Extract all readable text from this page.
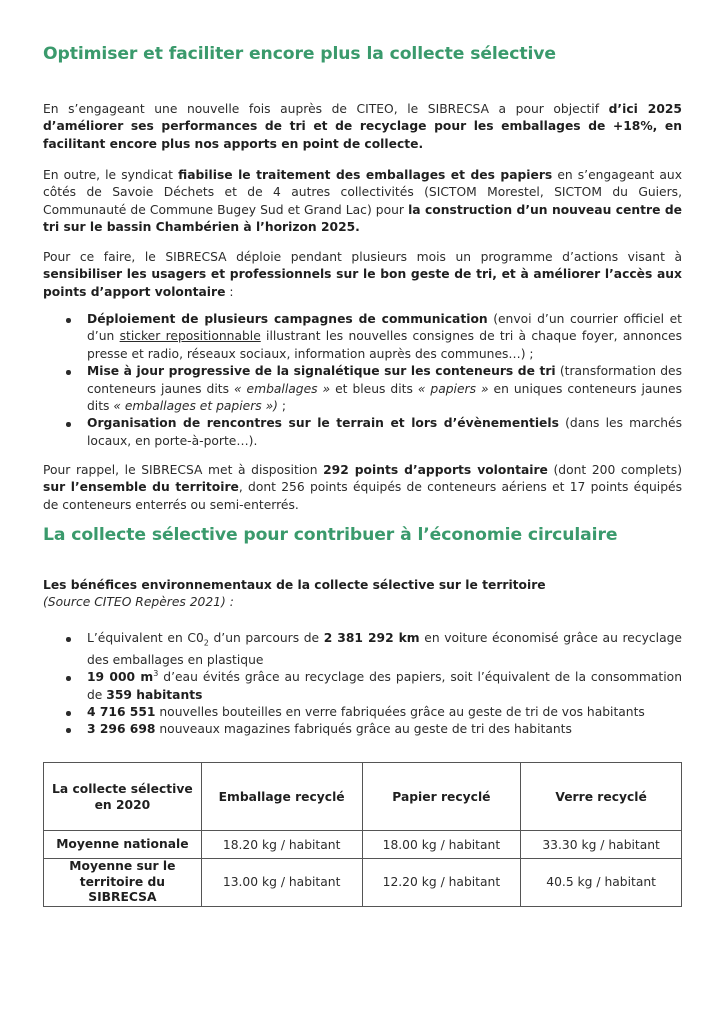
Optimiser et faciliter encore plus la collecte sélective

En s’engageant une nouvelle fois auprès de CITEO, le SIBRECSA a pour objectif d’ici 2025 d’améliorer ses performances de tri et de recyclage pour les emballages de +18%, en facilitant encore plus nos apports en point de collecte.

En outre, le syndicat fiabilise le traitement des emballages et des papiers en s’engageant aux côtés de Savoie Déchets et de 4 autres collectivités (SICTOM Morestel, SICTOM du Guiers, Communauté de Commune Bugey Sud et Grand Lac) pour la construction d’un nouveau centre de tri sur le bassin Chambérien à l’horizon 2025.

Pour ce faire, le SIBRECSA déploie pendant plusieurs mois un programme d’actions visant à sensibiliser les usagers et professionnels sur le bon geste de tri, et à améliorer l’accès aux points d’apport volontaire :

Déploiement de plusieurs campagnes de communication (envoi d’un courrier officiel et d’un sticker repositionnable illustrant les nouvelles consignes de tri à chaque foyer, annonces presse et radio, réseaux sociaux, information auprès des communes…) ;
Mise à jour progressive de la signalétique sur les conteneurs de tri (transformation des conteneurs jaunes dits « emballages » et bleus dits « papiers » en uniques conteneurs jaunes dits « emballages et papiers ») ;
Organisation de rencontres sur le terrain et lors d’évènementiels (dans les marchés locaux, en porte-à-porte…).

Pour rappel, le SIBRECSA met à disposition 292 points d’apports volontaire (dont 200 complets) sur l’ensemble du territoire, dont 256 points équipés de conteneurs aériens et 17 points équipés de conteneurs enterrés ou semi-enterrés.

La collecte sélective pour contribuer à l’économie circulaire

Les bénéfices environnementaux de la collecte sélective sur le territoire

(Source CITEO Repères 2021) :

L’équivalent en $C0_2$ d’un parcours de 2 381 292 km en voiture économisé grâce au recyclage des emballages en plastique
19 000 $m^3$ d’eau évités grâce au recyclage des papiers, soit l’équivalent de la consommation de 359 habitants
4 716 551 nouvelles bouteilles en verre fabriquées grâce au geste de tri de vos habitants
3 296 698 nouveaux magazines fabriqués grâce au geste de tri des habitants
La collecte sélective en 2020	Emballage recyclé	Papier recyclé	Verre recyclé
Moyenne nationale	18.20 kg / habitant	18.00 kg / habitant	33.30 kg / habitant
Moyenne sur le territoire du SIBRECSA	13.00 kg / habitant	12.20 kg / habitant	40.5 kg / habitant
